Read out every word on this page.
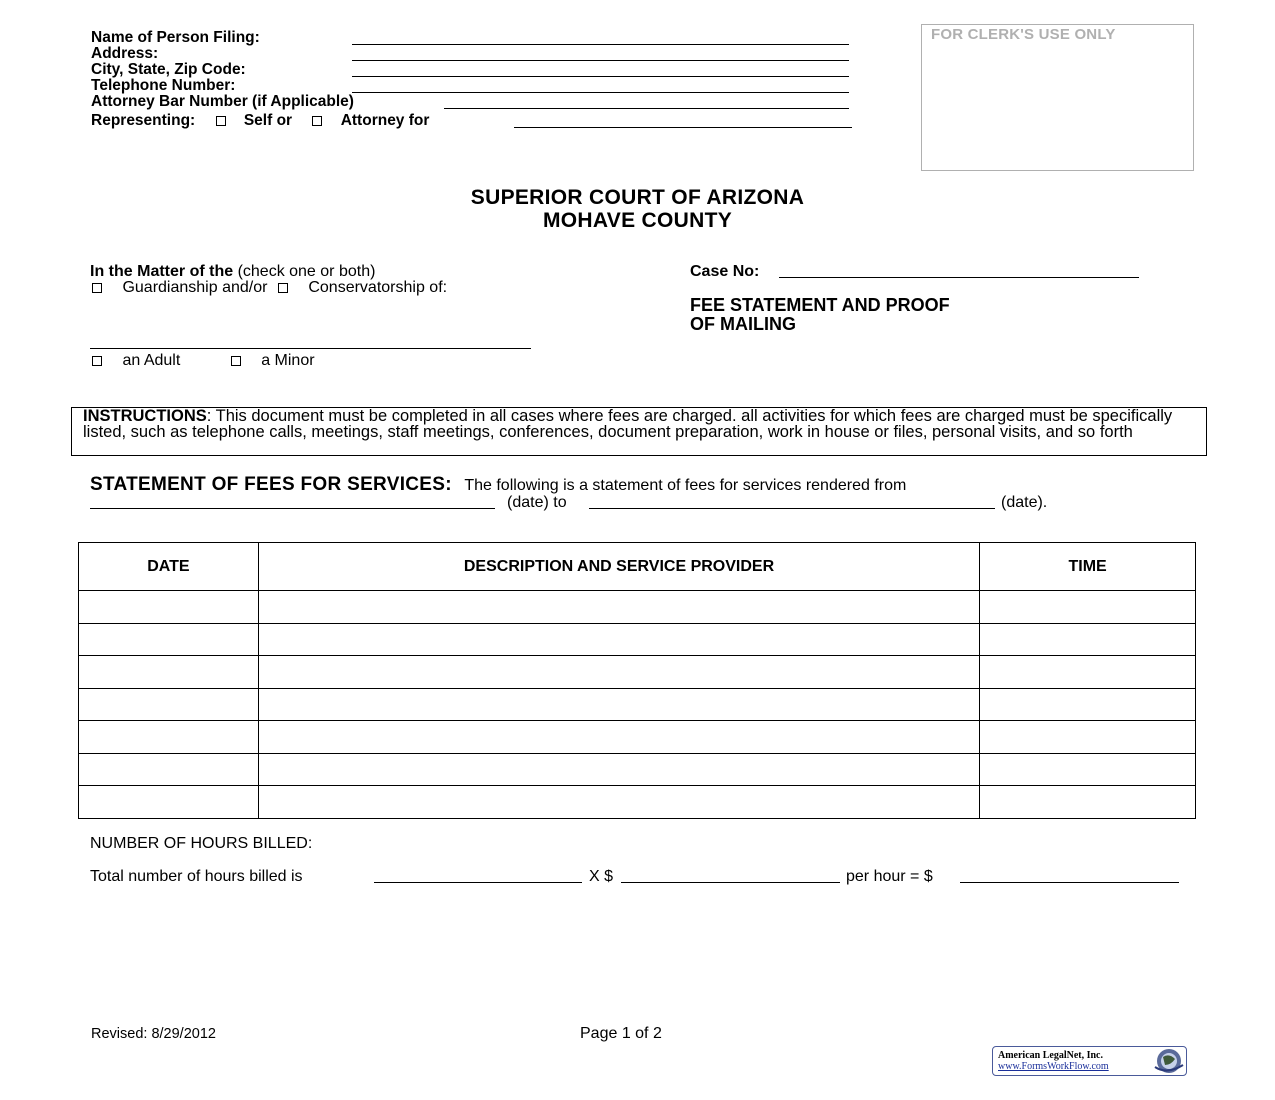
Name of Person Filing:
Address:
City, State, Zip Code:
Telephone Number:
Attorney Bar Number (if Applicable)
Representing:	Self or	Attorney for
FOR CLERK'S USE ONLY
SUPERIOR COURT OF ARIZONA
MOHAVE COUNTY
In the Matter of the (check one or both)
Guardianship and/or	Conservatorship of:
an Adult	a Minor
Case No:
FEE STATEMENT AND PROOF
OF MAILING
INSTRUCTIONS: This document must be completed in all cases where fees are charged. all activities for which fees are charged must be specifically listed, such as telephone calls, meetings, staff meetings, conferences, document preparation, work in house or files, personal visits, and so forth
STATEMENT OF FEES FOR SERVICES: The following is a statement of fees for services rendered from
(date) to	(date).
DATE	DESCRIPTION AND SERVICE PROVIDER	TIME

NUMBER OF HOURS BILLED:
Total number of hours billed is	X $	per hour = $
Revised: 8/29/2012	Page 1 of 2
American LegalNet, Inc.
www.FormsWorkFlow.com
